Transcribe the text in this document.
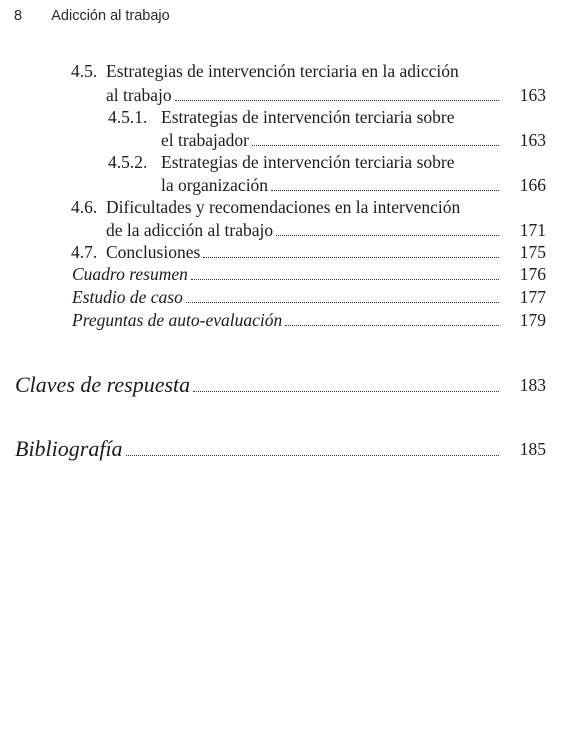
8 Adicción al trabajo
4.5. Estrategias de intervención terciaria en la adicción
al trabajo	163
4.5.1. Estrategias de intervención terciaria sobre
el trabajador	163
4.5.2. Estrategias de intervención terciaria sobre
la organización	166
4.6. Dificultades y recomendaciones en la intervención
de la adicción al trabajo	171
4.7. Conclusiones	175
Cuadro resumen	176
Estudio de caso	177
Preguntas de auto-evaluación	179
Claves de respuesta	183
Bibliografía	185
